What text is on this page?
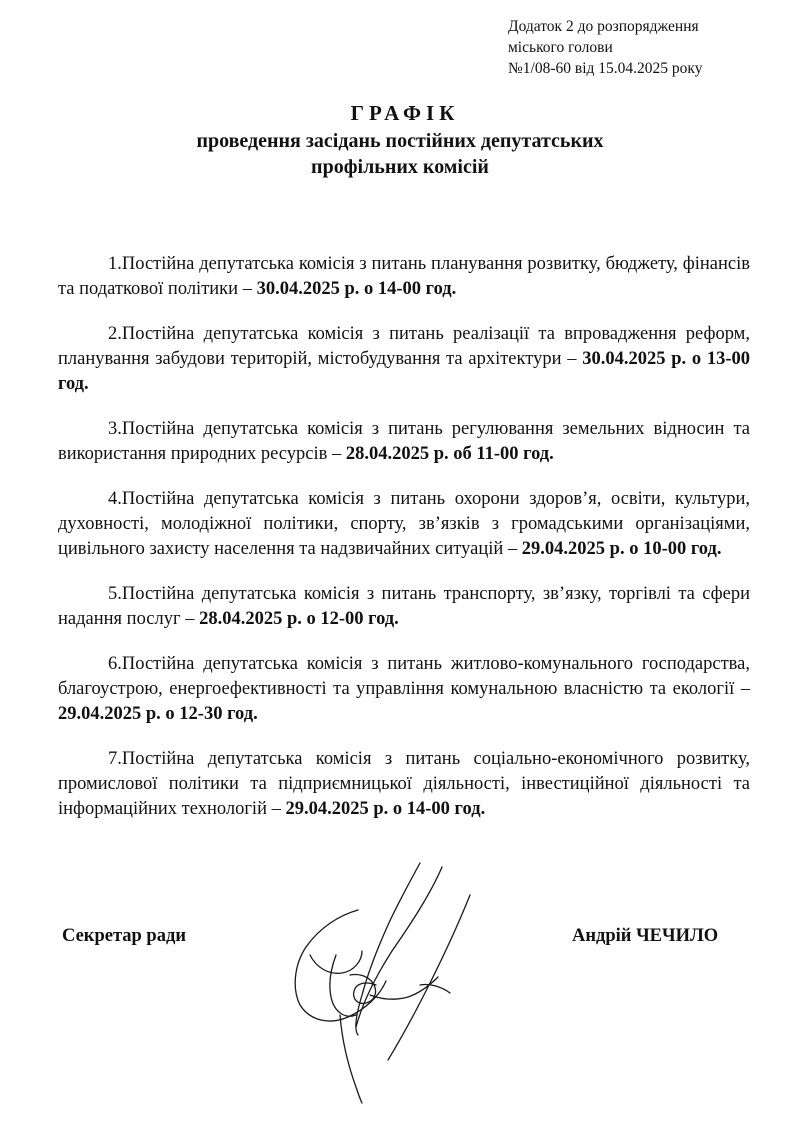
Додаток 2 до розпорядження
міського голови
№1/08-60 від 15.04.2025 року
ГРАФІК
проведення засідань постійних депутатських
профільних комісій

1.Постійна депутатська комісія з питань планування розвитку, бюджету, фінансів та податкової політики – 30.04.2025 р. о 14-00 год.

2.Постійна депутатська комісія з питань реалізації та впровадження реформ, планування забудови територій, містобудування та архітектури – 30.04.2025 р. о 13-00 год.

3.Постійна депутатська комісія з питань регулювання земельних відносин та використання природних ресурсів – 28.04.2025 р. об 11-00 год.

4.Постійна депутатська комісія з питань охорони здоров’я, освіти, культури, духовності, молодіжної політики, спорту, зв’язків з громадськими організаціями, цивільного захисту населення та надзвичайних ситуацій – 29.04.2025 р. о 10-00 год.

5.Постійна депутатська комісія з питань транспорту, зв’язку, торгівлі та сфери надання послуг – 28.04.2025 р. о 12-00 год.

6.Постійна депутатська комісія з питань житлово-комунального господарства, благоустрою, енергоефективності та управління комунальною власністю та екології – 29.04.2025 р. о 12-30 год.

7.Постійна депутатська комісія з питань соціально-економічного розвитку, промислової політики та підприємницької діяльності, інвестиційної діяльності та інформаційних технологій – 29.04.2025 р. о 14-00 год.

Секретар ради	Андрій ЧЕЧИЛО
